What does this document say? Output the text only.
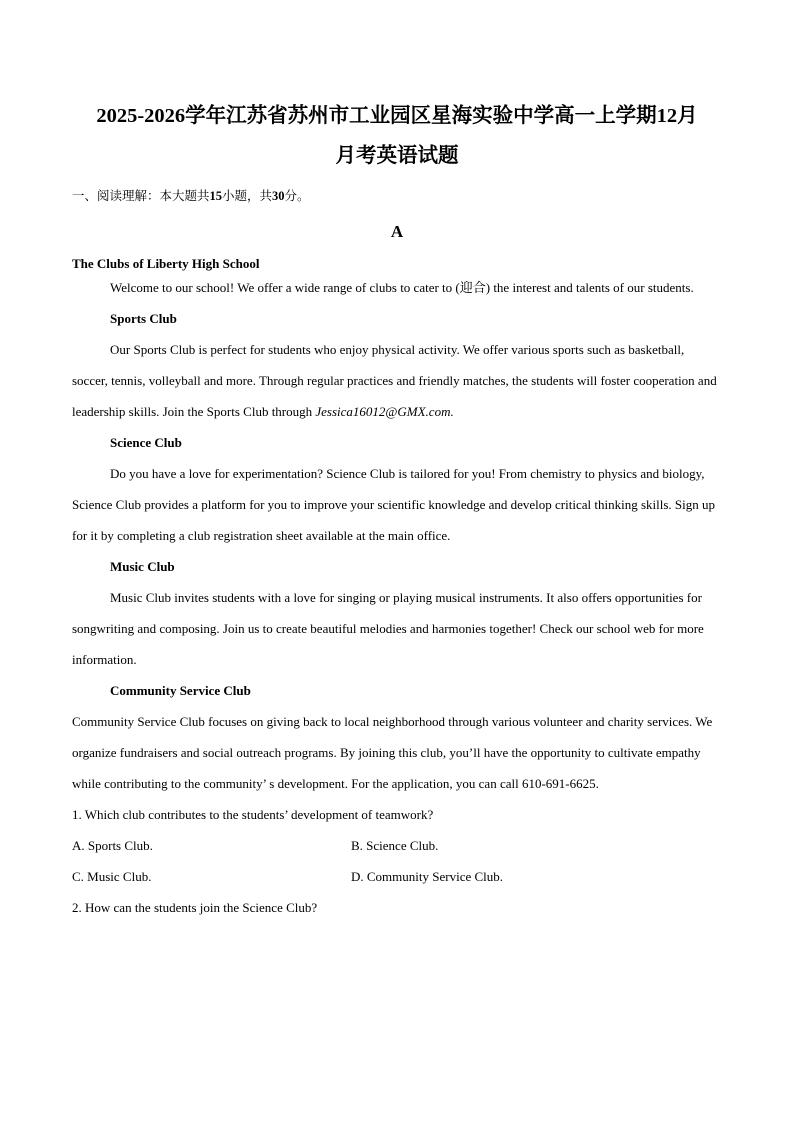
2025-2026学年江苏省苏州市工业园区星海实验中学高一上学期12月
月考英语试题
一、阅读理解：本大题共15小题，共30分。
A
The Clubs of Liberty High School

Welcome to our school! We offer a wide range of clubs to cater to (迎合) the interest and talents of our students.

Sports Club

Our Sports Club is perfect for students who enjoy physical activity. We offer various sports such as basketball, soccer, tennis, volleyball and more. Through regular practices and friendly matches, the students will foster cooperation and leadership skills. Join the Sports Club through Jessica16012@GMX.com.

Science Club

Do you have a love for experimentation? Science Club is tailored for you! From chemistry to physics and biology, Science Club provides a platform for you to improve your scientific knowledge and develop critical thinking skills. Sign up for it by completing a club registration sheet available at the main office.

Music Club

Music Club invites students with a love for singing or playing musical instruments. It also offers opportunities for songwriting and composing. Join us to create beautiful melodies and harmonies together! Check our school web for more information.

Community Service Club

Community Service Club focuses on giving back to local neighborhood through various volunteer and charity services. We organize fundraisers and social outreach programs. By joining this club, you’ll have the opportunity to cultivate empathy while contributing to the community’ s development. For the application, you can call 610-691-6625.

1. Which club contributes to the students’ development of teamwork?
A. Sports Club.	B. Science Club.
C. Music Club.	D. Community Service Club.
2. How can the students join the Science Club?
